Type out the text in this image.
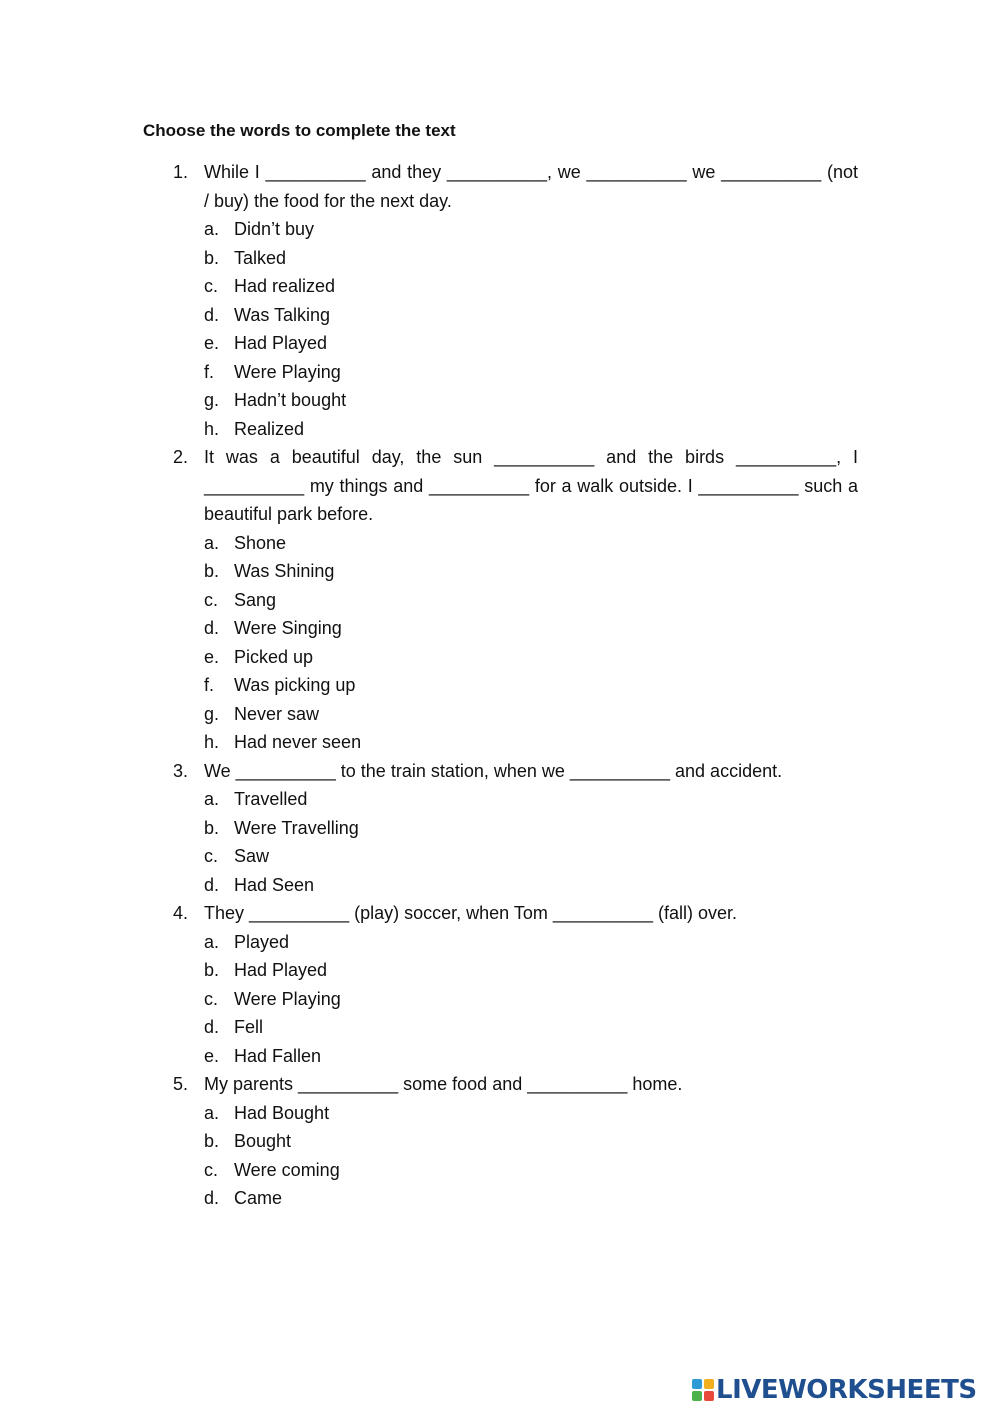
Choose the words to complete the text
1. While I __________ and they __________, we __________ we __________ (not / buy) the food for the next day.
a. Didn’t buy
b. Talked
c. Had realized
d. Was Talking
e. Had Played
f.	Were Playing
g. Hadn’t bought
h. Realized
2. It was a beautiful day, the sun __________ and the birds __________, I __________ my things and __________ for a walk outside. I __________ such a beautiful park before.
a. Shone
b. Was Shining
c. Sang
d. Were Singing
e. Picked up
f.	Was picking up
g. Never saw
h. Had never seen
3. We __________ to the train station, when we __________ and accident.
a. Travelled
b. Were Travelling
c. Saw
d. Had Seen
4. They __________ (play) soccer, when Tom __________ (fall) over.
a. Played
b. Had Played
c. Were Playing
d. Fell
e. Had Fallen
5. My parents __________ some food and __________ home.
a. Had Bought
b. Bought
c. Were coming
d. Came
LIVEWORKSHEETS
